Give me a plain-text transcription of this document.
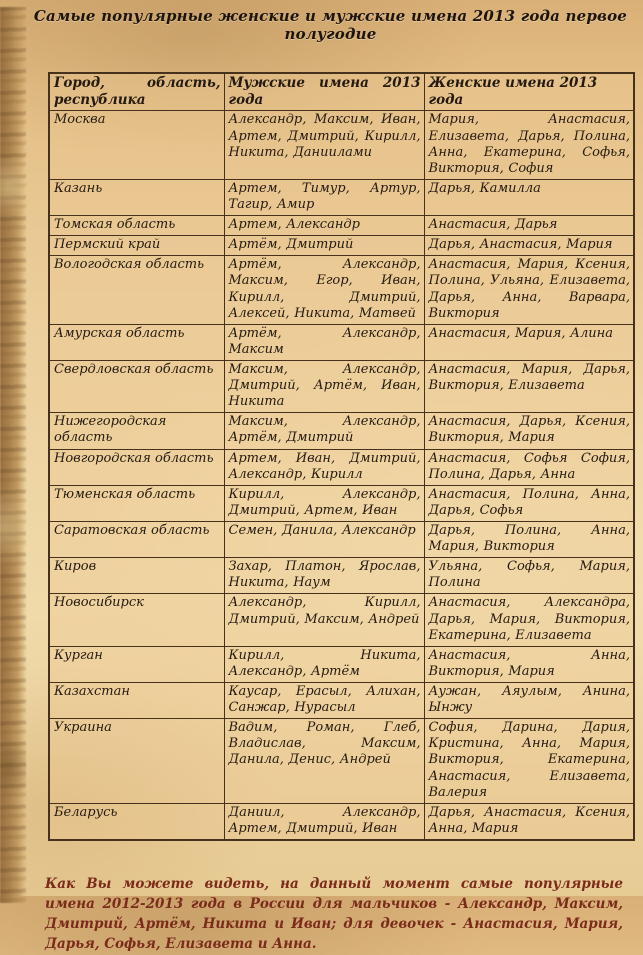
Самые популярные женские и мужские имена 2013 года первое полугодие
Город, область, республика	Мужские имена 2013 года	Женские имена 2013 года
Москва	Александр, Максим, Иван, Артем, Дмитрий, Кирилл, Никита, Даниилами	Мария, Анастасия, Елизавета, Дарья, Полина, Анна, Екатерина, Софья, Виктория, София
Казань	Артем, Тимур, Артур, Тагир, Амир	Дарья, Камилла
Томская область	Артем, Александр	Анастасия, Дарья
Пермский край	Артём, Дмитрий	Дарья, Анастасия, Мария
Вологодская область	Артём, Александр, Максим, Егор, Иван, Кирилл, Дмитрий, Алексей, Никита, Матвей	Анастасия, Мария, Ксения, Полина, Ульяна, Елизавета, Дарья, Анна, Варвара, Виктория
Амурская область	Артём, Александр, Максим	Анастасия, Мария, Алина
Свердловская область	Максим, Александр, Дмитрий, Артём, Иван, Никита	Анастасия, Мария, Дарья, Виктория, Елизавета
Нижегородская область	Максим, Александр, Артём, Дмитрий	Анастасия, Дарья, Ксения, Виктория, Мария
Новгородская область	Артем, Иван, Дмитрий, Александр, Кирилл	Анастасия, Софья София, Полина, Дарья, Анна
Тюменская область	Кирилл, Александр, Дмитрий, Артем, Иван	Анастасия, Полина, Анна, Дарья, Софья
Саратовская область	Семен, Данила, Александр	Дарья, Полина, Анна, Мария, Виктория
Киров	Захар, Платон, Ярослав, Никита, Наум	Ульяна, Софья, Мария, Полина
Новосибирск	Александр, Кирилл, Дмитрий, Максим, Андрей	Анастасия, Александра, Дарья, Мария, Виктория, Екатерина, Елизавета
Курган	Кирилл, Никита, Александр, Артём	Анастасия, Анна, Виктория, Мария
Казахстан	Каусар, Ерасыл, Алихан, Санжар, Нурасыл	Аужан, Аяулым, Анина, Ынжу
Украина	Вадим, Роман, Глеб, Владислав, Максим, Данила, Денис, Андрей	София, Дарина, Дария, Кристина, Анна, Мария, Виктория, Екатерина, Анастасия, Елизавета, Валерия
Беларусь	Даниил, Александр, Артем, Дмитрий, Иван	Дарья, Анастасия, Ксения, Анна, Мария

Как Вы можете видеть, на данный момент самые популярные имена 2012-2013 года в России для мальчиков - Александр, Максим, Дмитрий, Артём, Никита и Иван; для девочек - Анастасия, Мария, Дарья, Софья, Елизавета и Анна.
